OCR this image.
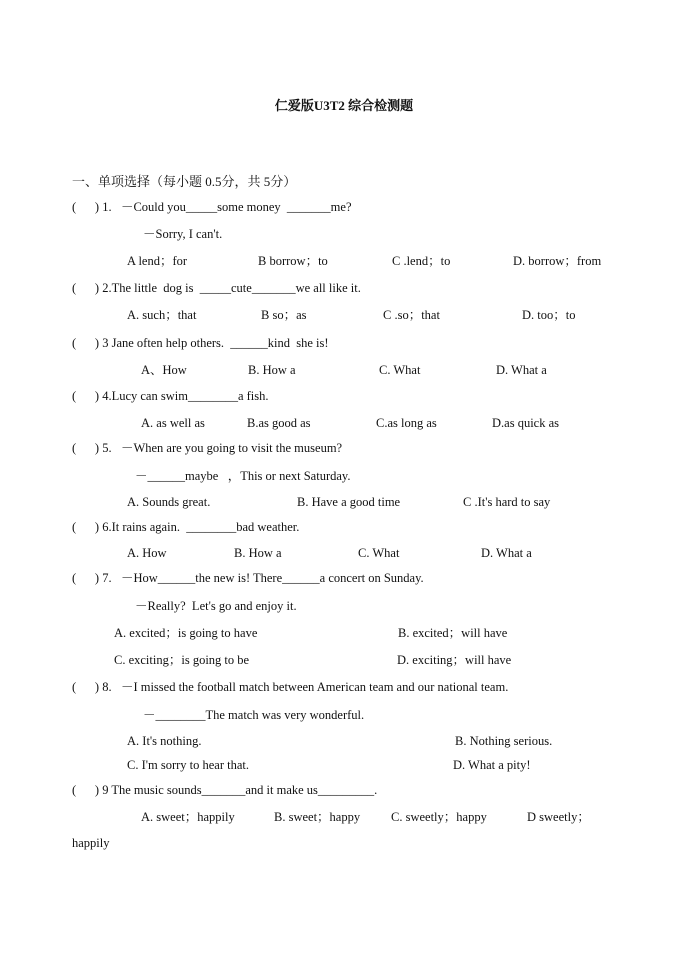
仁爱版U3T2 综合检测题
一、单项选择（每小题 0.5分，共 5分）
(      ) 1.   －Could you_____some money  _______me?
－Sorry, I can't.
A lend；for	B borrow；to	C .lend；to	D. borrow；from
(      ) 2.The little  dog is  _____cute_______we all like it.
A. such；that	B so；as	C .so；that	D. too；to
(      ) 3 Jane often help others.  ______kind  she is!
A、How	B. How a	C. What	D. What a
(      ) 4.Lucy can swim________a fish.
A. as well as	B.as good as	C.as long as	D.as quick as
(      ) 5.   －When are you going to visit the museum?
－______maybe   ，This or next Saturday.
A. Sounds great.	B. Have a good time	C .It's hard to say
(      ) 6.It rains again.  ________bad weather.
A. How	B. How a	C. What	D. What a
(      ) 7.   －How______the new is! There______a concert on Sunday.
－Really?  Let's go and enjoy it.
A. excited；is going to have	B. excited；will have
C. exciting；is going to be	D. exciting；will have
(      ) 8.   －I missed the football match between American team and our national team.
－________The match was very wonderful.
A. It's nothing.	B. Nothing serious.
C. I'm sorry to hear that.	D. What a pity!
(      ) 9 The music sounds_______and it make us_________.
A. sweet；happily	B. sweet；happy C. sweetly；happy	D sweetly；
happily
